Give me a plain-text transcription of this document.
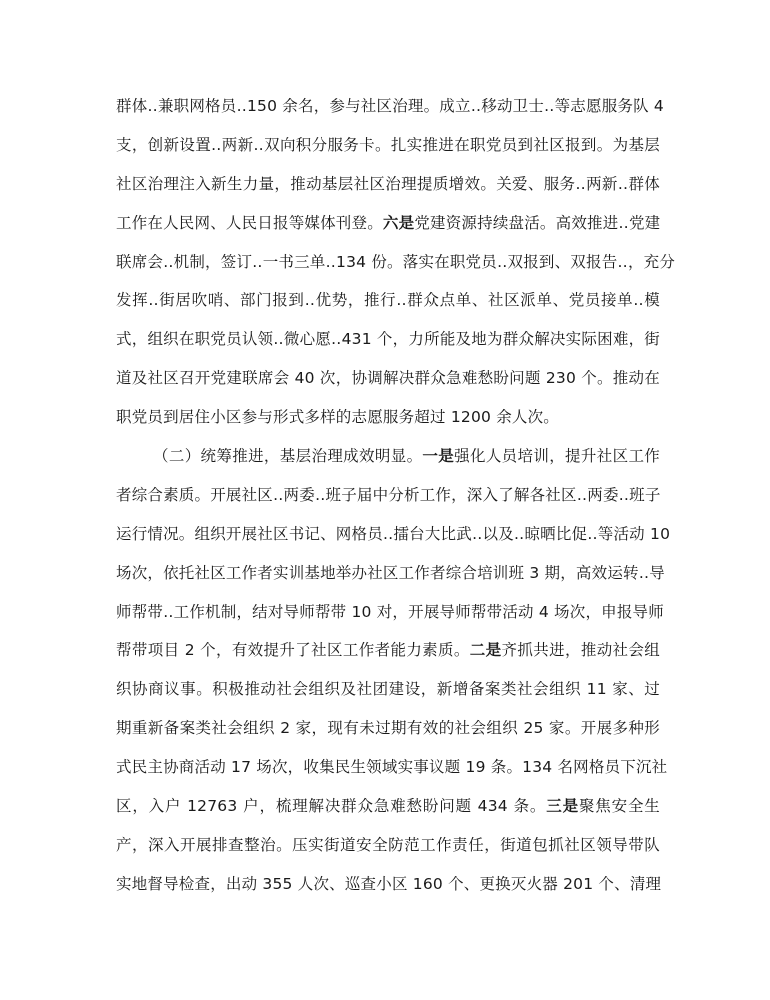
群体‥兼职网格员‥150 余名，参与社区治理。成立‥移动卫士‥等志愿服务队 4
支，创新设置‥两新‥双向积分服务卡。扎实推进在职党员到社区报到。为基层
社区治理注入新生力量，推动基层社区治理提质增效。关爱、服务‥两新‥群体
工作在人民网、人民日报等媒体刊登。六是党建资源持续盘活。高效推进‥党建
联席会‥机制，签订‥一书三单‥134 份。落实在职党员‥双报到、双报告‥，充分
发挥‥街居吹哨、部门报到‥优势，推行‥群众点单、社区派单、党员接单‥模
式，组织在职党员认领‥微心愿‥431 个，力所能及地为群众解决实际困难，街
道及社区召开党建联席会 40 次，协调解决群众急难愁盼问题 230 个。推动在
职党员到居住小区参与形式多样的志愿服务超过 1200 余人次。
（二）统筹推进，基层治理成效明显。一是强化人员培训，提升社区工作
者综合素质。开展社区‥两委‥班子届中分析工作，深入了解各社区‥两委‥班子
运行情况。组织开展社区书记、网格员‥擂台大比武‥以及‥晾晒比促‥等活动 10
场次，依托社区工作者实训基地举办社区工作者综合培训班 3 期，高效运转‥导
师帮带‥工作机制，结对导师帮带 10 对，开展导师帮带活动 4 场次，申报导师
帮带项目 2 个，有效提升了社区工作者能力素质。二是齐抓共进，推动社会组
织协商议事。积极推动社会组织及社团建设，新增备案类社会组织 11 家、过
期重新备案类社会组织 2 家，现有未过期有效的社会组织 25 家。开展多种形
式民主协商活动 17 场次，收集民生领域实事议题 19 条。134 名网格员下沉社
区，入户 12763 户，梳理解决群众急难愁盼问题 434 条。三是聚焦安全生
产，深入开展排查整治。压实街道安全防范工作责任，街道包抓社区领导带队
实地督导检查，出动 355 人次、巡查小区 160 个、更换灭火器 201 个、清理
